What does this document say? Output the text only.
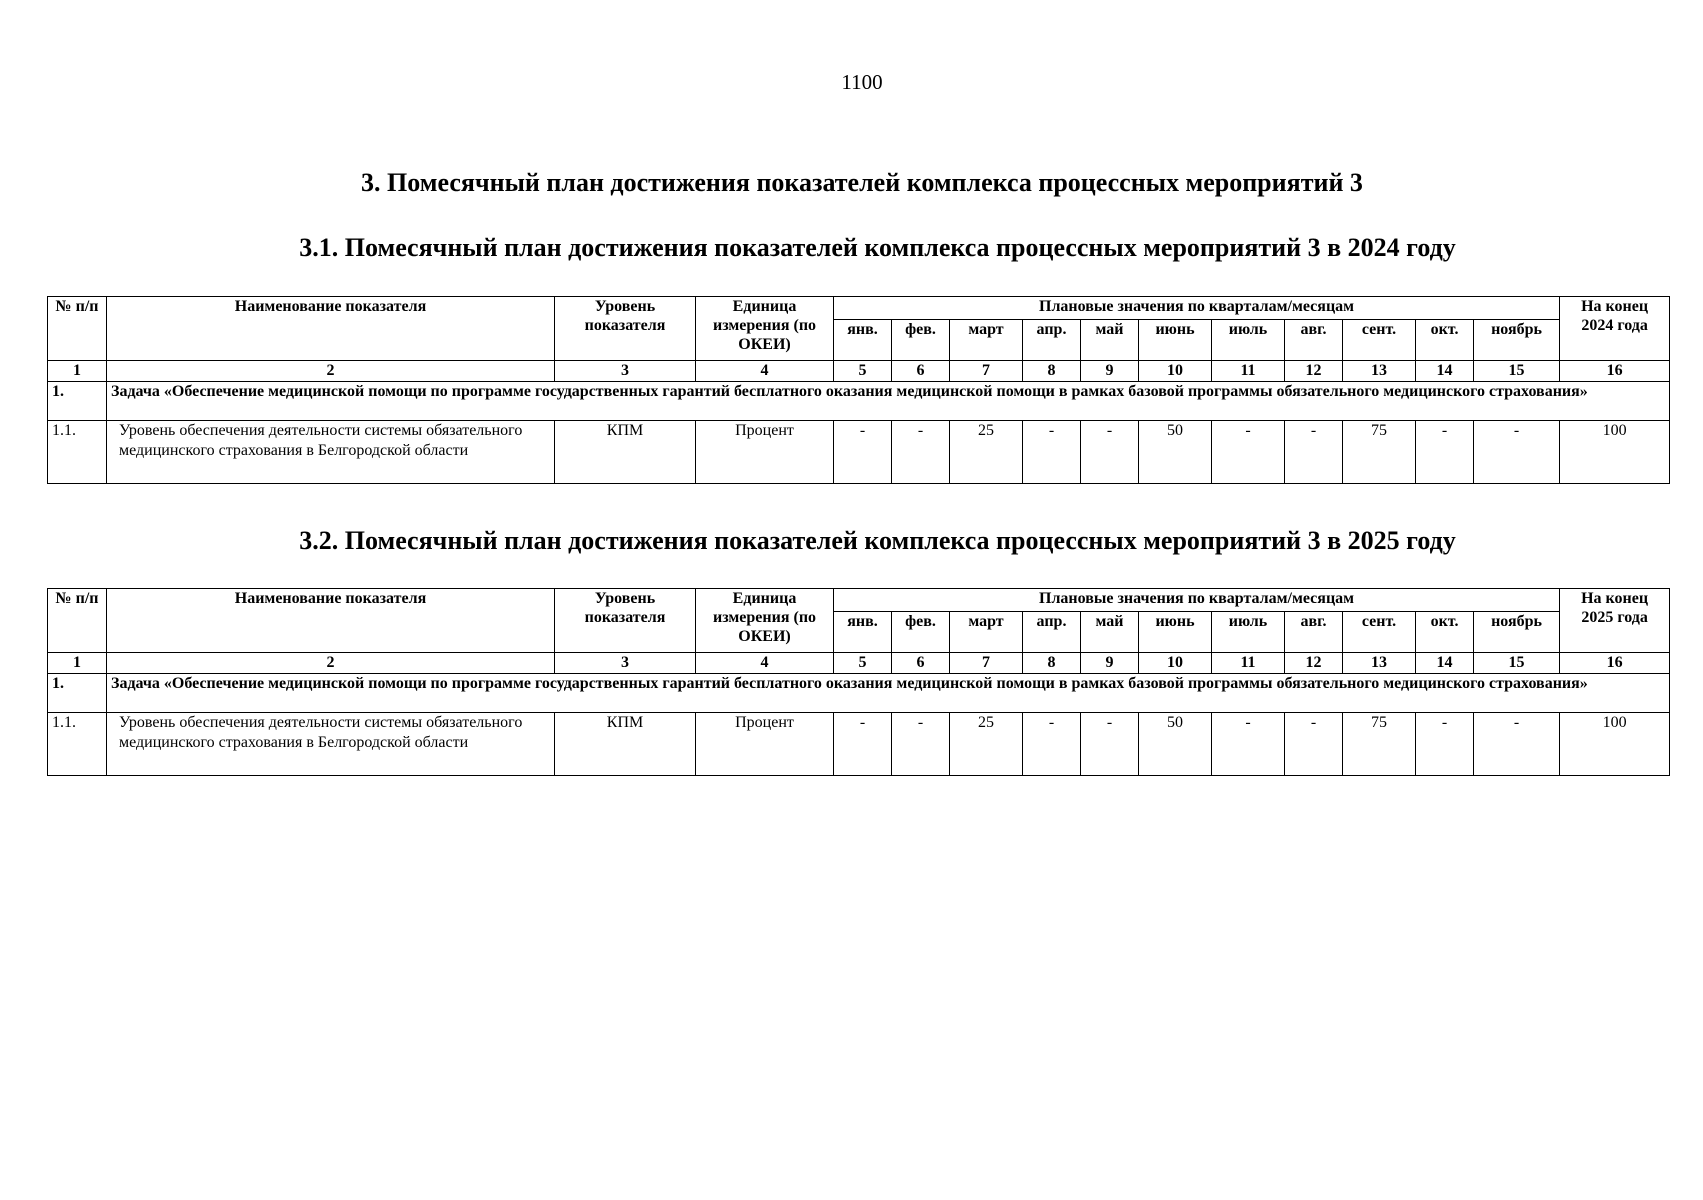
1100
3. Помесячный план достижения показателей комплекса процессных мероприятий 3
3.1. Помесячный план достижения показателей комплекса процессных мероприятий 3 в 2024 году
3.2. Помесячный план достижения показателей комплекса процессных мероприятий 3 в 2025 году
№ п/п	Наименование показателя	Уровень показателя	Единица измерения (по ОКЕИ)	Плановые значения по кварталам/месяцам											На конец 2024 года
				янв.	фев.	март	апр.	май	июнь	июль	авг.	сент.	окт.	ноябрь	
1	2	3	4	5	6	7	8	9	10	11	12	13	14	15	16
1.	Задача «Обеспечение медицинской помощи по программе государственных гарантий бесплатного оказания медицинской помощи в рамках базовой программы обязательного медицинского страхования»														
1.1.	Уровень обеспечения деятельности системы обязательного медицинского страхования в Белгородской области	КПМ	Процент	-	-	25	-	-	50	-	-	75	-	-	100
№ п/п	Наименование показателя	Уровень показателя	Единица измерения (по ОКЕИ)	Плановые значения по кварталам/месяцам											На конец 2025 года
				янв.	фев.	март	апр.	май	июнь	июль	авг.	сент.	окт.	ноябрь	
1	2	3	4	5	6	7	8	9	10	11	12	13	14	15	16
1.	Задача «Обеспечение медицинской помощи по программе государственных гарантий бесплатного оказания медицинской помощи в рамках базовой программы обязательного медицинского страхования»														
1.1.	Уровень обеспечения деятельности системы обязательного медицинского страхования в Белгородской области	КПМ	Процент	-	-	25	-	-	50	-	-	75	-	-	100
